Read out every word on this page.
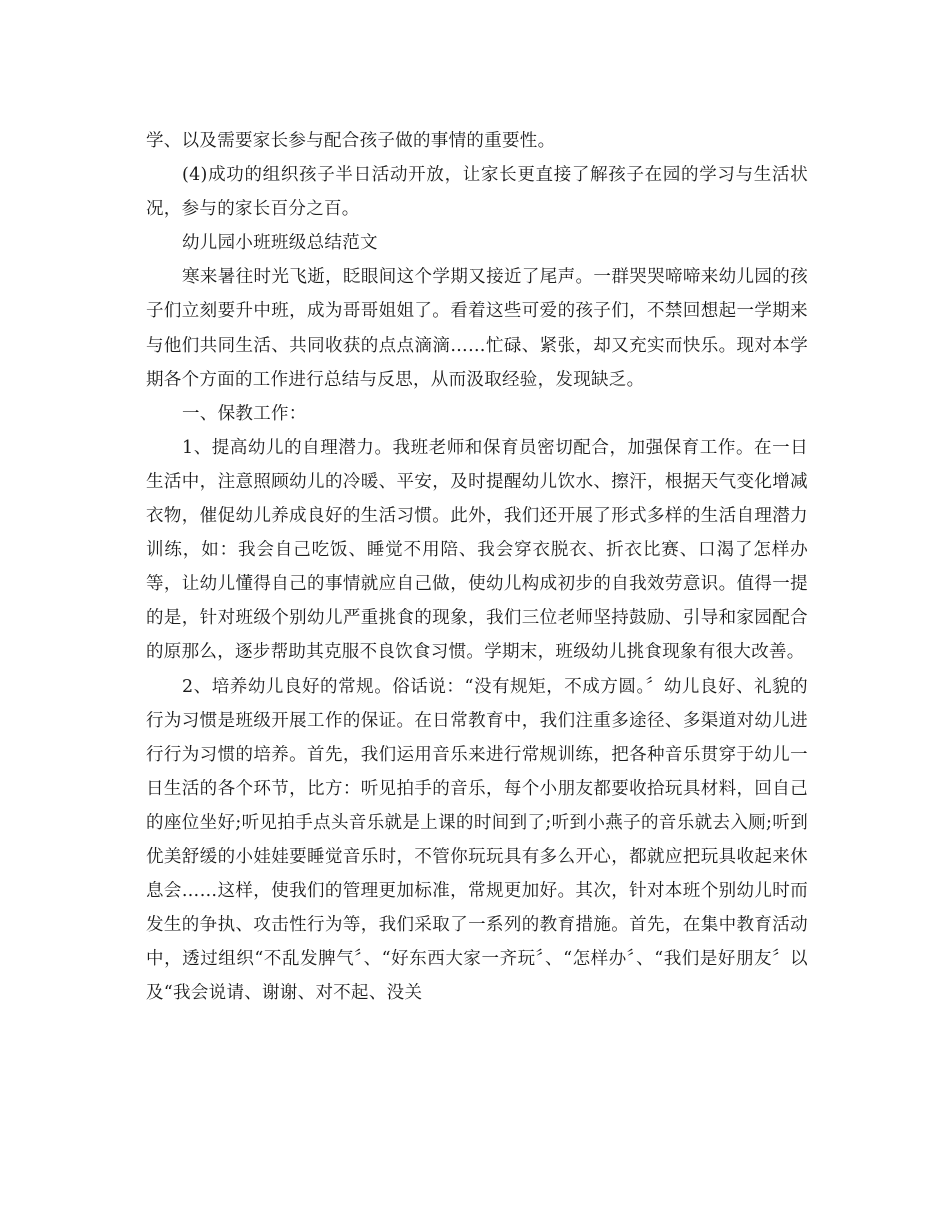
学、以及需要家长参与配合孩子做的事情的重要性。

(4)成功的组织孩子半日活动开放，让家长更直接了解孩子在园的学习与生活状况，参与的家长百分之百。

幼儿园小班班级总结范文

寒来暑往时光飞逝，眨眼间这个学期又接近了尾声。一群哭哭啼啼来幼儿园的孩子们立刻要升中班，成为哥哥姐姐了。看着这些可爱的孩子们，不禁回想起一学期来与他们共同生活、共同收获的点点滴滴……忙碌、紧张，却又充实而快乐。现对本学期各个方面的工作进行总结与反思，从而汲取经验，发现缺乏。

一、保教工作：

1、提高幼儿的自理潜力。我班老师和保育员密切配合，加强保育工作。在一日生活中，注意照顾幼儿的冷暖、平安，及时提醒幼儿饮水、擦汗，根据天气变化增减衣物，催促幼儿养成良好的生活习惯。此外，我们还开展了形式多样的生活自理潜力训练，如：我会自己吃饭、睡觉不用陪、我会穿衣脱衣、折衣比赛、口渴了怎样办等，让幼儿懂得自己的事情就应自己做，使幼儿构成初步的自我效劳意识。值得一提的是，针对班级个别幼儿严重挑食的现象，我们三位老师坚持鼓励、引导和家园配合的原那么，逐步帮助其克服不良饮食习惯。学期末，班级幼儿挑食现象有很大改善。

2、培养幼儿良好的常规。俗话说：“没有规矩，不成方圆。〞幼儿良好、礼貌的行为习惯是班级开展工作的保证。在日常教育中，我们注重多途径、多渠道对幼儿进行行为习惯的培养。首先，我们运用音乐来进行常规训练，把各种音乐贯穿于幼儿一日生活的各个环节，比方：听见拍手的音乐，每个小朋友都要收拾玩具材料，回自己的座位坐好;听见拍手点头音乐就是上课的时间到了;听到小燕子的音乐就去入厕;听到优美舒缓的小娃娃要睡觉音乐时，不管你玩玩具有多么开心，都就应把玩具收起来休息会……这样，使我们的管理更加标准，常规更加好。其次，针对本班个别幼儿时而发生的争执、攻击性行为等，我们采取了一系列的教育措施。首先，在集中教育活动中，透过组织“不乱发脾气〞、“好东西大家一齐玩〞、“怎样办〞、“我们是好朋友〞以及“我会说请、谢谢、对不起、没关
